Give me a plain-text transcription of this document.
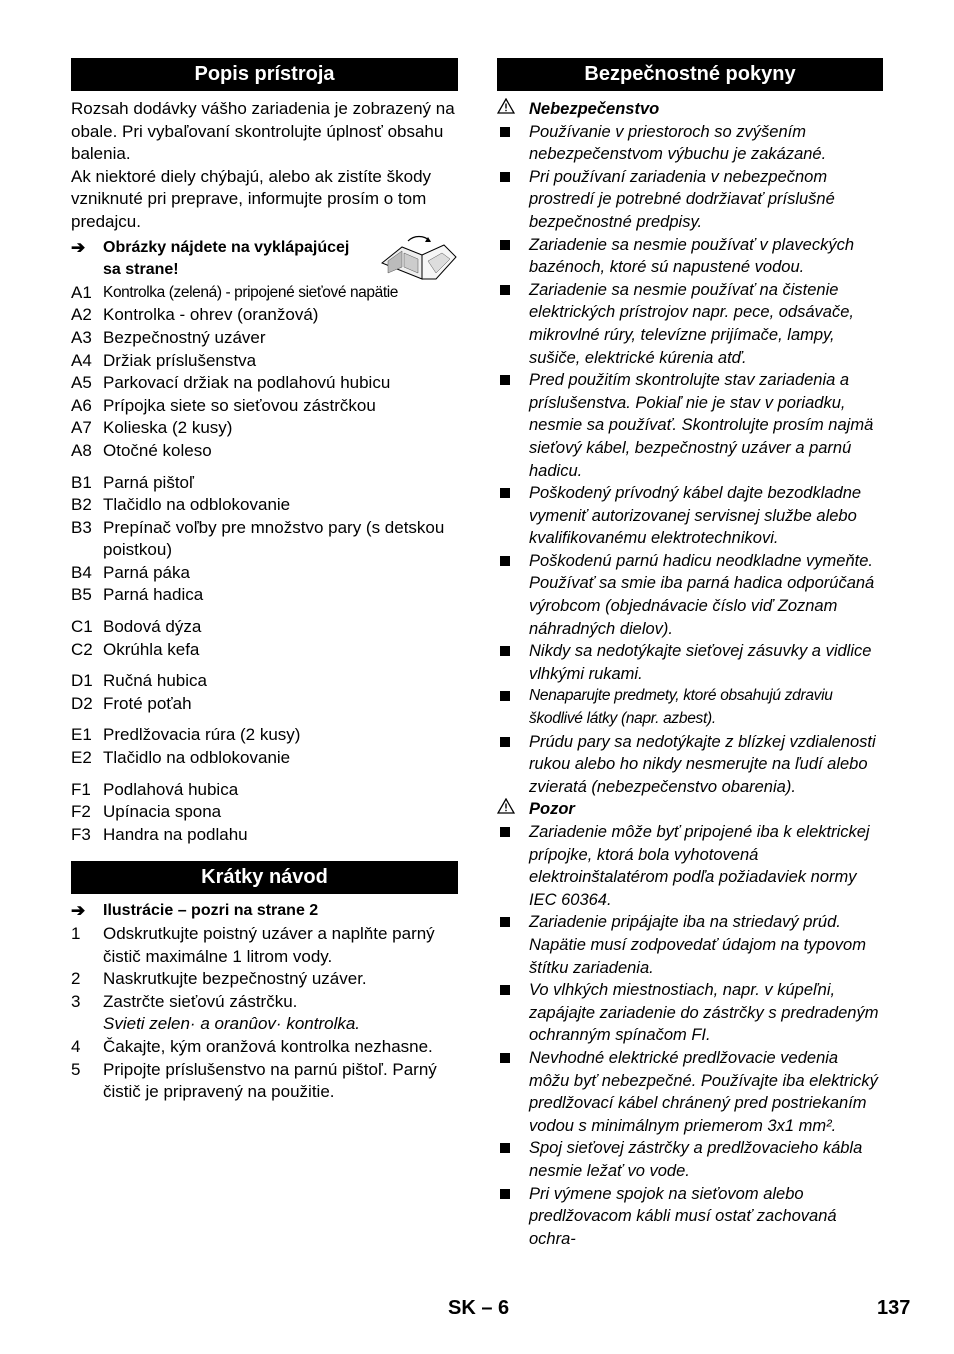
Popis prístroja

Rozsah dodávky vášho zariadenia je zobrazený na obale. Pri vybaľovaní skontrolujte úplnosť obsahu balenia.

Ak niektoré diely chýbajú, alebo ak zistíte škody vzniknuté pri preprave, informujte prosím o tom predajcu.

➔	Obrázky nájdete na vyklápajúcej sa strane!
A1 Kontrolka (zelená) - pripojené sieťové napätie
A2 Kontrolka - ohrev (oranžová)
A3 Bezpečnostný uzáver
A4 Držiak príslušenstva
A5 Parkovací držiak na podlahovú hubicu
A6 Prípojka siete so sieťovou zástrčkou
A7 Kolieska (2 kusy)
A8 Otočné koleso
B1 Parná pištoľ
B2 Tlačidlo na odblokovanie
B3 Prepínač voľby pre množstvo pary (s detskou poistkou)
B4 Parná páka
B5 Parná hadica
C1 Bodová dýza
C2 Okrúhla kefa
D1 Ručná hubica
D2 Froté poťah
E1 Predlžovacia rúra (2 kusy)
E2 Tlačidlo na odblokovanie
F1 Podlahová hubica
F2 Upínacia spona
F3 Handra na podlahu
Krátky návod
➔	Ilustrácie – pozri na strane 2
1	Odskrutkujte poistný uzáver a naplňte parný čistič maximálne 1 litrom vody.
2	Naskrutkujte bezpečnostný uzáver.
3	Zastrčte sieťovú zástrčku.
Svieti zelen· a oranûov· kontrolka.
4	Čakajte, kým oranžová kontrolka nezhasne.
5	Pripojte príslušenstvo na parnú pištoľ. Parný čistič je pripravený na použitie.
Bezpečnostné pokyny
Nebezpečenstvo
Používanie v priestoroch so zvýšením nebezpečenstvom výbuchu je zakázané.
Pri používaní zariadenia v nebezpečnom prostredí je potrebné dodržiavať príslušné bezpečnostné predpisy.
Zariadenie sa nesmie používať v plaveckých bazénoch, ktoré sú napustené vodou.
Zariadenie sa nesmie používať na čistenie elektrických prístrojov napr. pece, odsávače, mikrovlné rúry, televízne prijímače, lampy, sušiče, elektrické kúrenia atď.
Pred použitím skontrolujte stav zariadenia a príslušenstva. Pokiaľ nie je stav v poriadku, nesmie sa používať. Skontrolujte prosím najmä sieťový kábel, bezpečnostný uzáver a parnú hadicu.
Poškodený prívodný kábel dajte bezodkladne vymeniť autorizovanej servisnej službe alebo kvalifikovanému elektrotechnikovi.
Poškodenú parnú hadicu neodkladne vymeňte. Používať sa smie iba parná hadica odporúčaná výrobcom (objednávacie číslo viď Zoznam náhradných dielov).
Nikdy sa nedotýkajte sieťovej zásuvky a vidlice vlhkými rukami.
Nenaparujte predmety, ktoré obsahujú zdraviu škodlivé látky (napr. azbest).
Prúdu pary sa nedotýkajte z blízkej vzdialenosti rukou alebo ho nikdy nesmerujte na ľudí alebo zvieratá (nebezpečenstvo obarenia).
Pozor
Zariadenie môže byť pripojené iba k elektrickej prípojke, ktorá bola vyhotovená elektroinštalatérom podľa požiadaviek normy IEC 60364.
Zariadenie pripájajte iba na striedavý prúd. Napätie musí zodpovedať údajom na typovom štítku zariadenia.
Vo vlhkých miestnostiach, napr. v kúpeľni, zapájajte zariadenie do zástrčky s predradeným ochranným spínačom FI.
Nevhodné elektrické predlžovacie vedenia môžu byť nebezpečné. Používajte iba elektrický predlžovací kábel chránený pred postriekaním vodou s minimálnym priemerom 3x1 mm².
Spoj sieťovej zástrčky a predlžovacieho kábla nesmie ležať vo vode.
Pri výmene spojok na sieťovom alebo predlžovacom kábli musí ostať zachovaná ochra-
SK – 6	137
